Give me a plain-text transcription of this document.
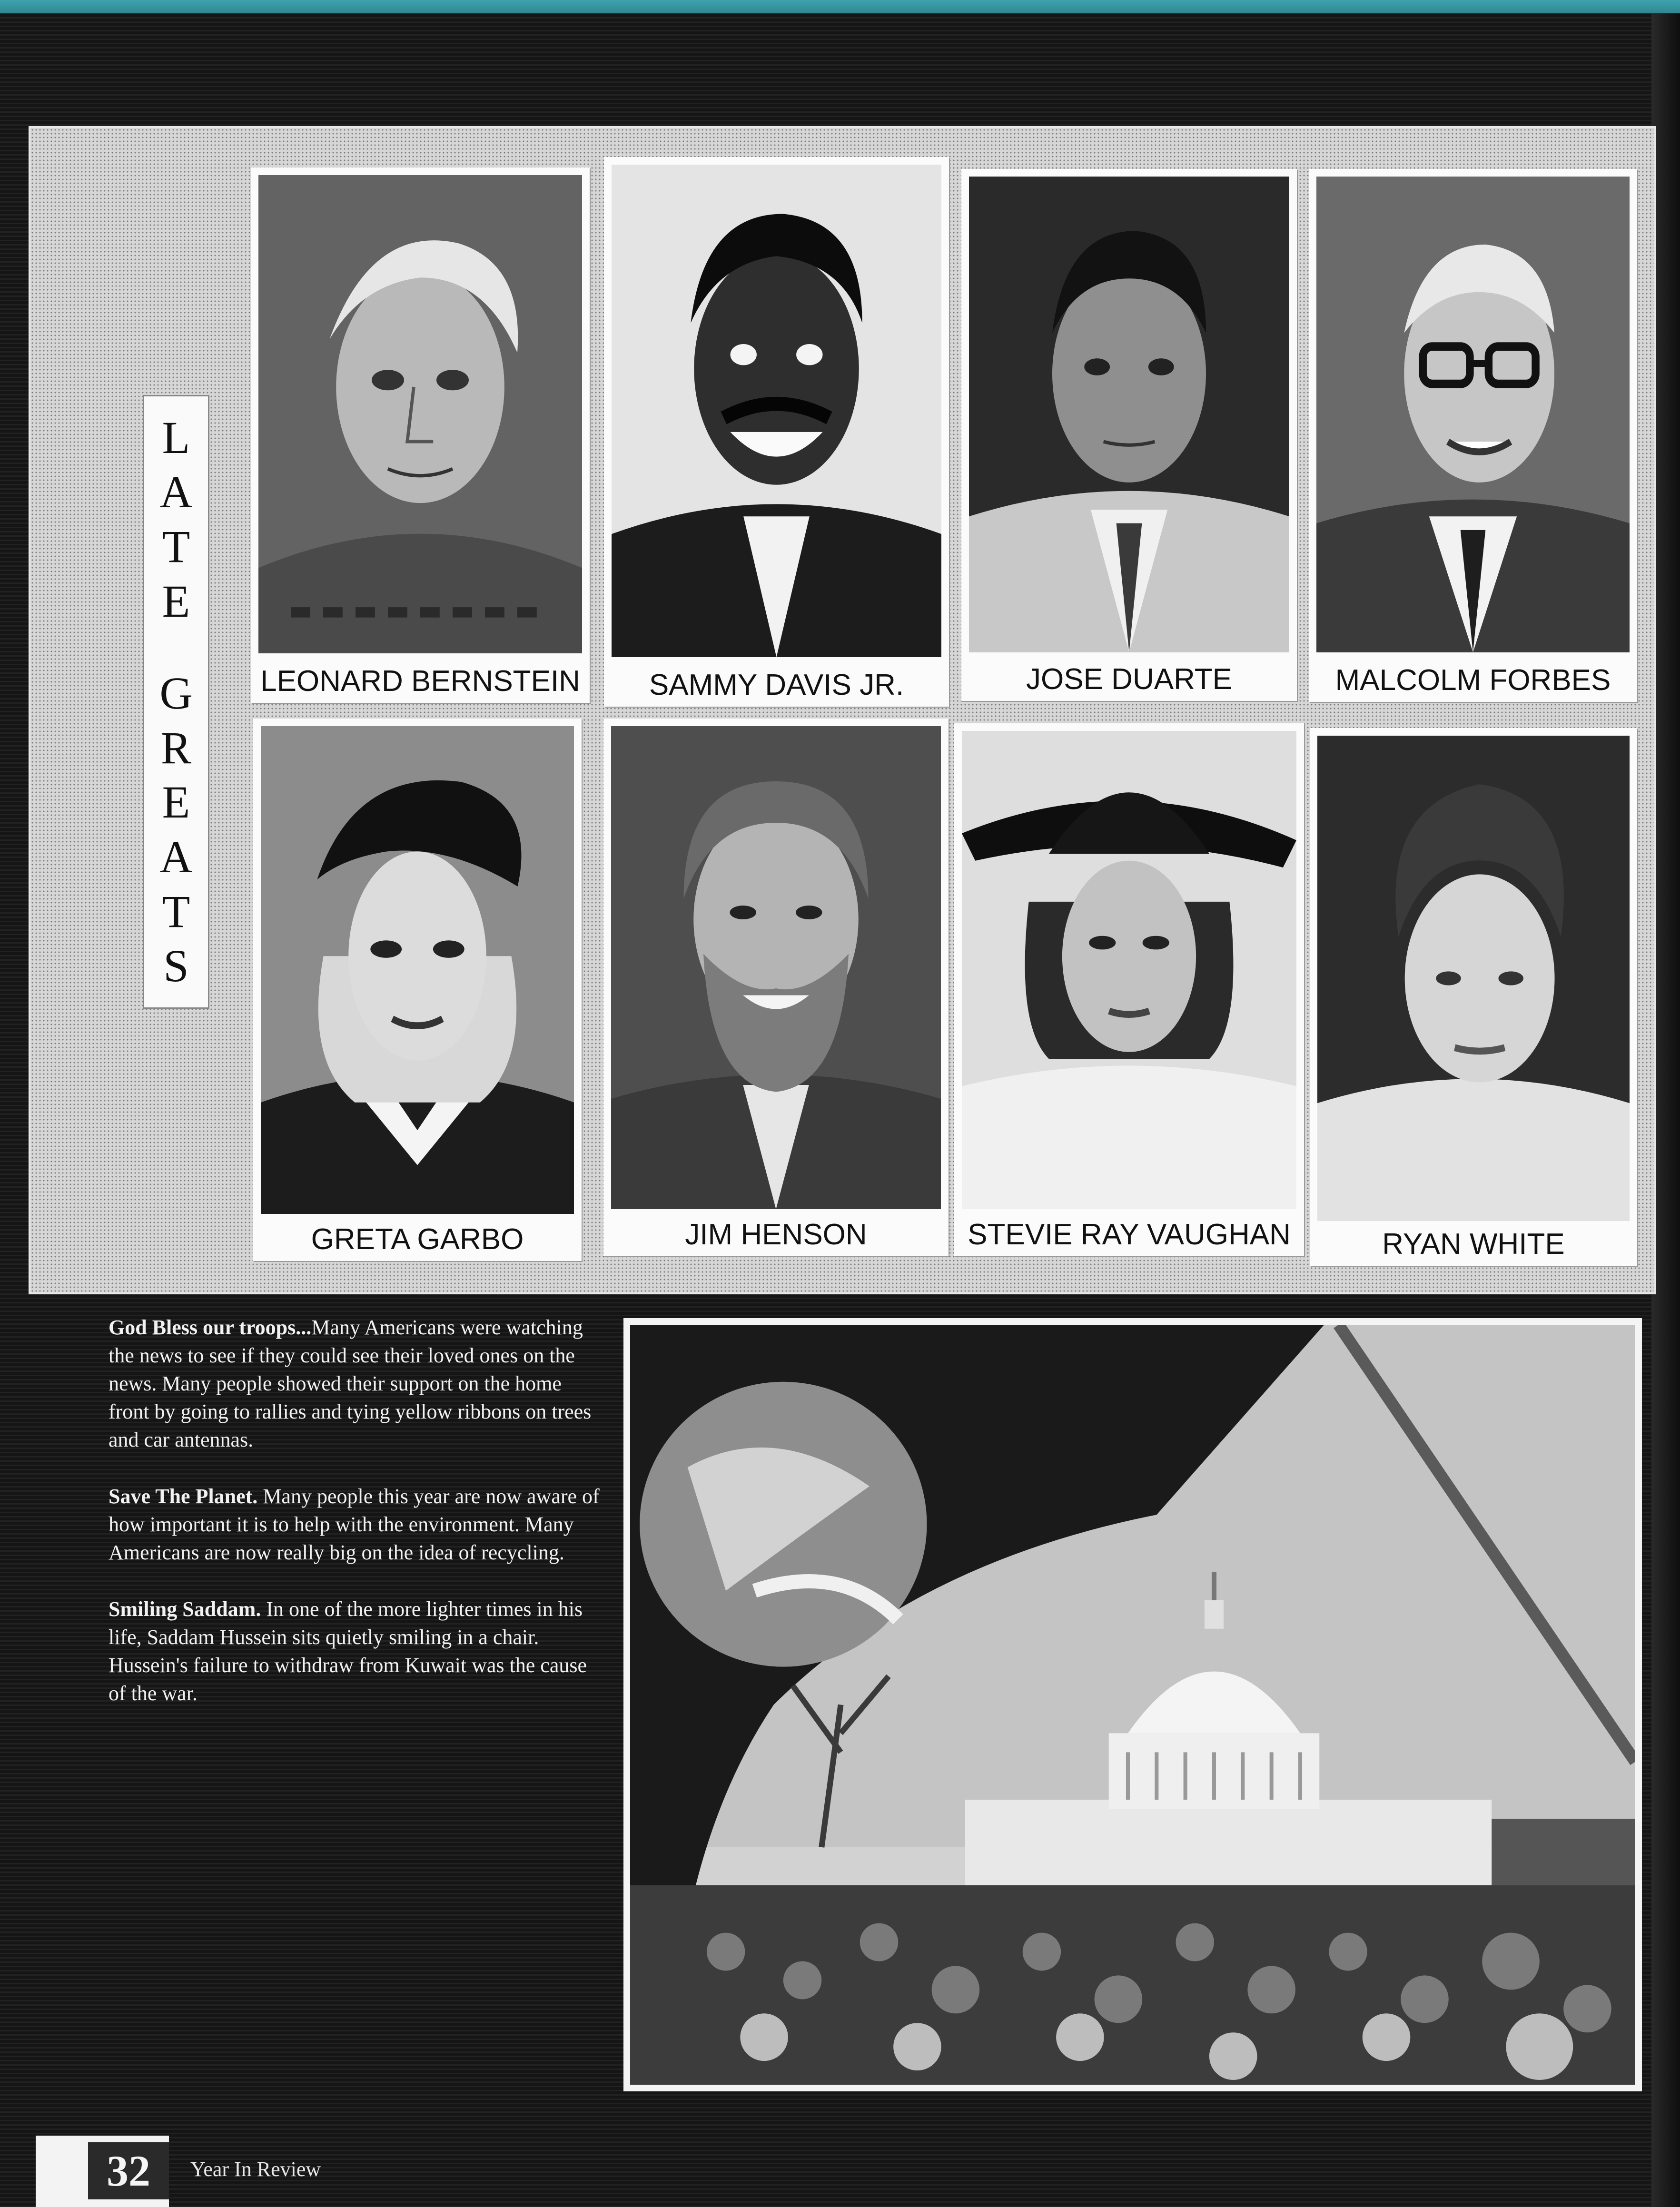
L
A
T
E
G
R
E
A
T
S
LEONARD BERNSTEIN	SAMMY DAVIS JR.	JOSE DUARTE	MALCOLM FORBES
GRETA GARBO	JIM HENSON	STEVIE RAY VAUGHAN	RYAN WHITE

God Bless our troops...Many Americans were watching the news to see if they could see their loved ones on the news. Many people showed their support on the home front by going to rallies and tying yellow ribbons on trees and car antennas.

Save The Planet. Many people this year are now aware of how important it is to help with the environment. Many Americans are now really big on the idea of recycling.

Smiling Saddam. In one of the more lighter times in his life, Saddam Hussein sits quietly smiling in a chair. Hussein's failure to withdraw from Kuwait was the cause of the war.

32	Year In Review
